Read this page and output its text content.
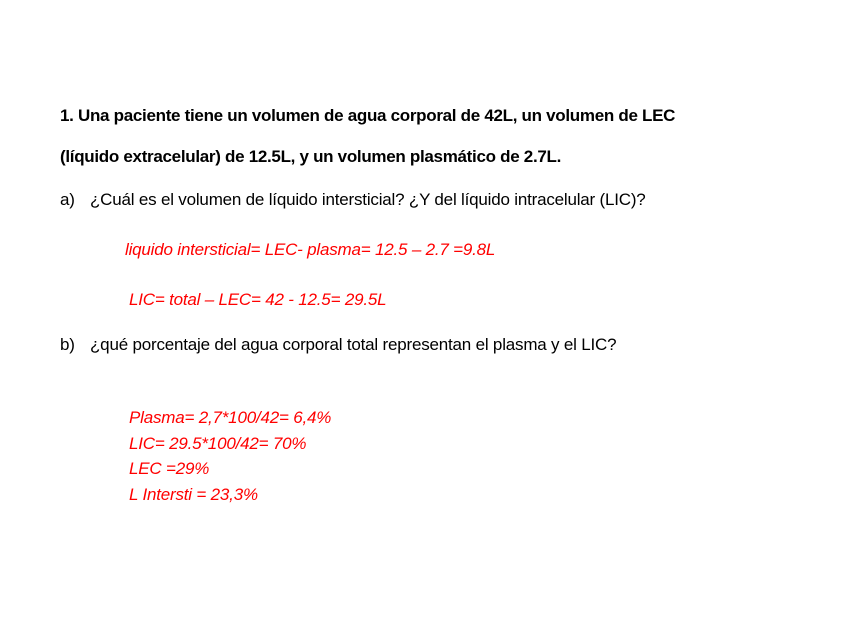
1. Una paciente tiene un volumen de agua corporal de 42L, un volumen de LEC
(líquido extracelular) de 12.5L, y un volumen plasmático de 2.7L.
a) ¿Cuál es el volumen de líquido intersticial? ¿Y del líquido intracelular (LIC)?
liquido intersticial= LEC- plasma= 12.5 – 2.7 =9.8L
LIC= total – LEC= 42 - 12.5= 29.5L
b) ¿qué porcentaje del agua corporal total representan el plasma y el LIC?
Plasma= 2,7*100/42= 6,4%
LIC= 29.5*100/42= 70%
LEC =29%
L Intersti = 23,3%
